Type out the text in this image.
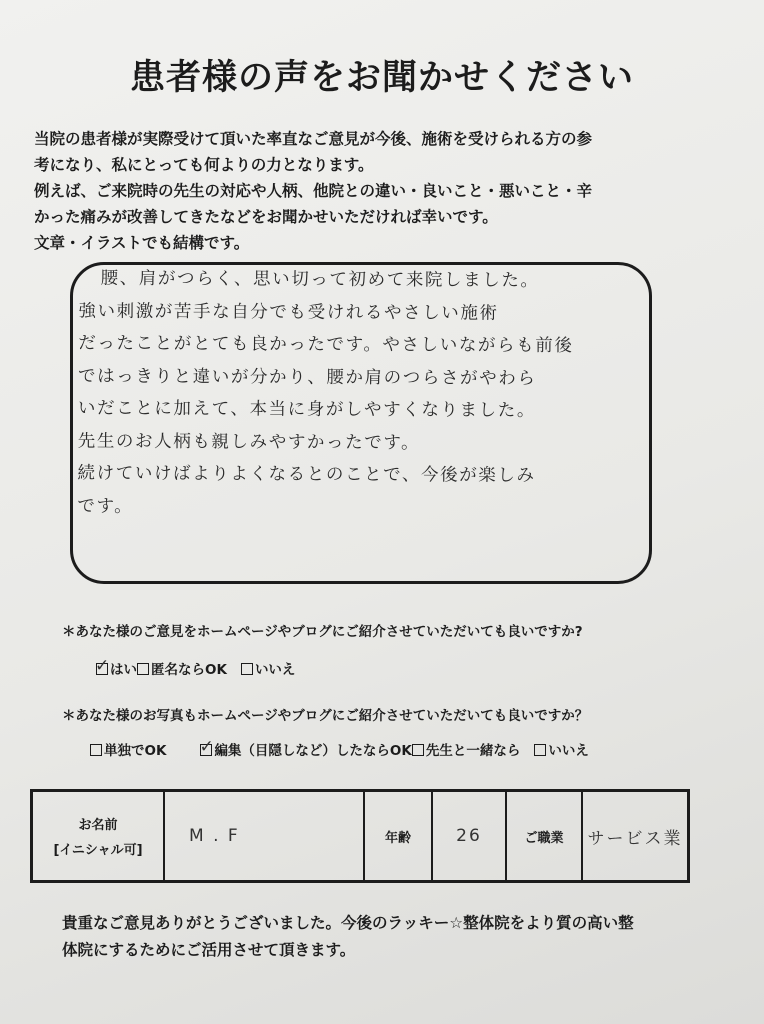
患者様の声をお聞かせください
当院の患者様が実際受けて頂いた率直なご意見が今後、施術を受けられる方の参
考になり、私にとっても何よりの力となります。
例えば、ご来院時の先生の対応や人柄、他院との違い・良いこと・悪いこと・辛
かった痛みが改善してきたなどをお聞かせいただければ幸いです。
文章・イラストでも結構です。
腰、肩がつらく、思い切って初めて来院しました。
強い刺激が苦手な自分でも受けれるやさしい施術
だったことがとても良かったです。やさしいながらも前後
ではっきりと違いが分かり、腰か肩のつらさがやわら
いだことに加えて、本当に身がしやすくなりました。
先生のお人柄も親しみやすかったです。
続けていけばよりよくなるとのことで、今後が楽しみ
です。
＊あなた様のご意見をホームページやブログにご紹介させていただいても良いですか?
✓ はい 匿名ならOK いいえ
＊あなた様のお写真もホームページやブログにご紹介させていただいても良いですか？
単独でOK ✓ 編集（目隠しなど）したならOK 先生と一緒なら いいえ
お名前
[イニシャル可]
	M . F	年齢	26	ご職業	サービス業
貴重なご意見ありがとうございました。今後のラッキー☆整体院をより質の高い整
体院にするためにご活用させて頂きます。
